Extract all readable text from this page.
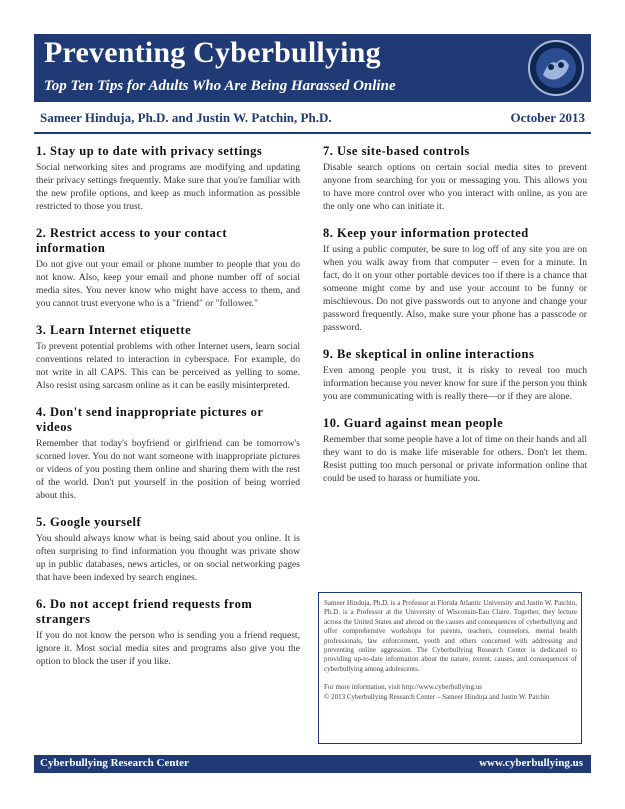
Preventing Cyberbullying
Top Ten Tips for Adults Who Are Being Harassed Online
Sameer Hinduja, Ph.D. and Justin W. Patchin, Ph.D.	October 2013
1. Stay up to date with privacy settings

Social networking sites and programs are modifying and updating their privacy settings frequently. Make sure that you're familiar with the new profile options, and keep as much information as possible restricted to those you trust.

2. Restrict access to your contact information

Do not give out your email or phone number to people that you do not know. Also, keep your email and phone number off of social media sites. You never know who might have access to them, and you cannot trust everyone who is a "friend" or "follower."

3. Learn Internet etiquette

To prevent potential problems with other Internet users, learn social conventions related to interaction in cyberspace. For example, do not write in all CAPS. This can be perceived as yelling to some. Also resist using sarcasm online as it can be easily misinterpreted.

4. Don't send inappropriate pictures or videos

Remember that today's boyfriend or girlfriend can be tomorrow's scorned lover. You do not want someone with inappropriate pictures or videos of you posting them online and sharing them with the rest of the world. Don't put yourself in the position of being worried about this.

5. Google yourself

You should always know what is being said about you online. It is often surprising to find information you thought was private show up in public databases, news articles, or on social networking pages that have been indexed by search engines.

6. Do not accept friend requests from strangers

If you do not know the person who is sending you a friend request, ignore it. Most social media sites and programs also give you the option to block the user if you like.

7. Use site-based controls

Disable search options on certain social media sites to prevent anyone from searching for you or messaging you. This allows you to have more control over who you interact with online, as you are the only one who can initiate it.

8. Keep your information protected

If using a public computer, be sure to log off of any site you are on when you walk away from that computer – even for a minute. In fact, do it on your other portable devices too if there is a chance that someone might come by and use your account to be funny or mischievous. Do not give passwords out to anyone and change your password frequently. Also, make sure your phone has a passcode or password.

9. Be skeptical in online interactions

Even among people you trust, it is risky to reveal too much information because you never know for sure if the person you think you are communicating with is really there—or if they are alone.

10. Guard against mean people

Remember that some people have a lot of time on their hands and all they want to do is make life miserable for others. Don't let them. Resist putting too much personal or private information online that could be used to harass or humiliate you.

Sameer Hinduja, Ph.D. is a Professor at Florida Atlantic University and Justin W. Patchin, Ph.D. is a Professor at the University of Wisconsin-Eau Claire. Together, they lecture across the United States and abroad on the causes and consequences of cyberbullying and offer comprehensive workshops for parents, teachers, counselors, mental health professionals, law enforcement, youth and others concerned with addressing and preventing online aggression. The Cyberbullying Research Center is dedicated to providing up-to-date information about the nature, extent, causes, and consequences of cyberbullying among adolescents.

For more information, visit http://www.cyberbullying.us

© 2013 Cyberbullying Research Center – Sameer Hinduja and Justin W. Patchin

Cyberbullying Research Center	www.cyberbullying.us
